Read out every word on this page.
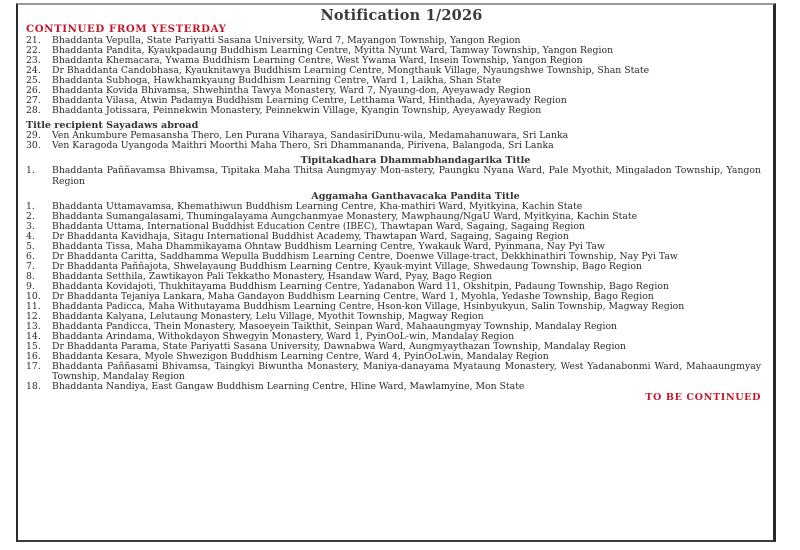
Notification 1/2026
CONTINUED FROM YESTERDAY
21.	Bhaddanta Vepulla, State Pariyatti Sasana University, Ward 7, Mayangon Township, Yangon Region
22.	Bhaddanta Pandita, Kyaukpadaung Buddhism Learning Centre, Myitta Nyunt Ward, Tamway Township, Yangon Region
23.	Bhaddanta Khemacara, Ywama Buddhism Learning Centre, West Ywama Ward, Insein Township, Yangon Region
24.	Dr Bhaddanta Candobhasa, Kyauknitawya Buddhism Learning Centre, Mongthauk Village, Nyaungshwe Township, Shan State
25.	Bhaddanta Subhoga, Hawkhamkyaung Buddhism Learning Centre, Ward 1, Laikha, Shan State
26.	Bhaddanta Kovida Bhivamsa, Shwehintha Tawya Monastery, Ward 7, Nyaung-don, Ayeyawady Region
27.	Bhaddanta Vilasa, Atwin Padamya Buddhism Learning Centre, Letthama Ward, Hinthada, Ayeyawady Region
28.	Bhaddanta Jotissara, Peinnekwin Monastery, Peinnekwin Village, Kyangin Township, Ayeyawady Region
Title recipient Sayadaws abroad
29.	Ven Ankumbure Pemasansha Thero, Len Purana Viharaya, SandasiriDunu-wila, Medamahanuwara, Sri Lanka
30.	Ven Karagoda Uyangoda Maithri Moorthi Maha Thero, Sri Dhammananda, Pirivena, Balangoda, Sri Lanka
Tipitakadhara Dhammabhandagarika Title
1.	Bhaddanta Paññavamsa Bhivamsa, Tipitaka Maha Thitsa Aungmyay Mon-astery, Paungku Nyana Ward, Pale Myothit, Mingaladon Township, Yangon Region
Aggamaha Ganthavacaka Pandita Title
1.	Bhaddanta Uttamavamsa, Khemathiwun Buddhism Learning Centre, Kha-mathiri Ward, Myitkyina, Kachin State
2.	Bhaddanta Sumangalasami, Thumingalayama Aungchanmyae Monastery, Mawphaung/NgaU Ward, Myitkyina, Kachin State
3.	Bhaddanta Uttama, International Buddhist Education Centre (IBEC), Thawtapan Ward, Sagaing, Sagaing Region
4.	Dr Bhaddanta Kavidhaja, Sitagu International Buddhist Academy, Thawtapan Ward, Sagaing, Sagaing Region
5.	Bhaddanta Tissa, Maha Dhammikayama Ohntaw Buddhism Learning Centre, Ywakauk Ward, Pyinmana, Nay Pyi Taw
6.	Dr Bhaddanta Caritta, Saddhamma Wepulla Buddhism Learning Centre, Doenwe Village-tract, Dekkhinathiri Township, Nay Pyi Taw
7.	Dr Bhaddanta Paññajota, Shwelayaung Buddhism Learning Centre, Kyauk-myint Village, Shwedaung Township, Bago Region
8.	Bhaddanta Setthila, Zawtikayon Pali Tekkatho Monastery, Hsandaw Ward, Pyay, Bago Region
9.	Bhaddanta Kovidajoti, Thukhitayama Buddhism Learning Centre, Yadanabon Ward 11, Okshitpin, Padaung Township, Bago Region
10.	Dr Bhaddanta Tejaniya Lankara, Maha Gandayon Buddhism Learning Centre, Ward 1, Myohla, Yedashe Township, Bago Region
11.	Bhaddanta Padicca, Maha Withutayama Buddhism Learning Centre, Hson-kon Village, Hsinbyukyun, Salin Township, Magway Region
12.	Bhaddanta Kalyana, Lelutaung Monastery, Lelu Village, Myothit Township, Magway Region
13.	Bhaddanta Pandicca, Thein Monastery, Masoeyein Taikthit, Seinpan Ward, Mahaaungmyay Township, Mandalay Region
14.	Bhaddanta Arindama, Withokdayon Shwegyin Monastery, Ward 1, PyinOoL-win, Mandalay Region
15.	Dr Bhaddanta Parama, State Pariyatti Sasana University, Dawnabwa Ward, Aungmyaythazan Township, Mandalay Region
16.	Bhaddanta Kesara, Myole Shwezigon Buddhism Learning Centre, Ward 4, PyinOoLwin, Mandalay Region
17.	Bhaddanta Paññasami Bhivamsa, Taingkyi Biwuntha Monastery, Maniya-danayama Myataung Monastery, West Yadanabonmi Ward, Mahaaungmyay Township, Mandalay Region
18.	Bhaddanta Nandiya, East Gangaw Buddhism Learning Centre, Hline Ward, Mawlamyine, Mon State
TO BE CONTINUED
